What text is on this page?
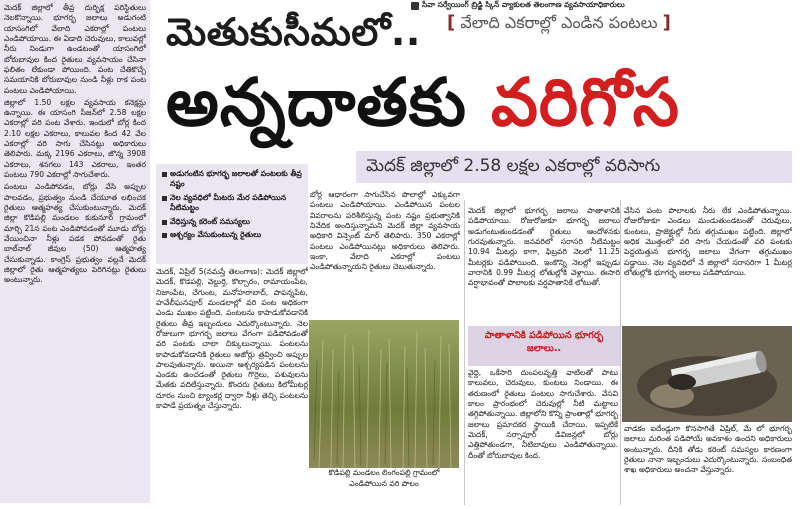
సేవా సర్వేయింగ్ బ్రిడ్జి స్కిన్ వ్యాకులత తెలంగాణ వ్యవసాయాధికారులు

మెదక్ జిల్లాలో తీవ్ర దుర్భిక్ష పరిస్థితులు నెలకొన్నాయి. భూగర్భ జలాలు అడుగంటి యాసంగిలో వేలాది ఎకరాల్లో పంటలు ఎండిపోయాయి. ఈ ఏడాది చెరువులు, కాలువల్లో నీరు నిండుగా ఉండటంతో యాసంగిలో బోరుబావుల కింద రైతులు వ్యవసాయం చేసినా ఫలితం లేకుండా పోయింది. పంట చేతికొచ్చే సమయానికి బోరుబావుల నుండి నీళ్లు రాక పంట పంటలు ఎండిపోయాయి.

జిల్లాలో 1.50 లక్షల వ్యవసాయ కనెక్షన్లు ఉన్నాయి. ఈ యాసంగి సీజన్‌లో 2.58 లక్షల ఎకరాల్లో వరి పంట వేశారు. ఇందులో బోర్ల కింద 2.10 లక్షల ఎకరాలు, కాలువల కింద 42 వేల ఎకరాల్లో వరి సాగు చేసినట్లు అధికారులు తెలిపారు. మక్క 2196 ఎకరాలు, జొన్న 3908 ఎకరాలు, శనగలు 143 ఎకరాలు, ఇంతర పంటలు 790 ఎకరాల్లో సాగుచేశారు.

పంటలు ఎండిపోవడం, బోర్లు వేసి అప్పుల పాలవడం, ప్రభుత్వం నుండి చేయూత లభించక రైతులు ఆత్మహత్య చేసుకుంటున్నారు. మెదక్ జిల్లా కొడిపల్లి మండలం కుకునూర్ గ్రామంలో మార్చి 21న పంట ఎండిపోవడంతో మూడు బోర్లు వేయించినా నీళ్లు పడక పోవడంతో రైతు బాల్‌నాల్ జీవుల (50) ఆత్మహత్య చేసుకున్నాడు. కాంగ్రెస్ ప్రభుత్వం వల్లనే మెదక్ జిల్లాలో రైతు ఆత్మహత్యలు పెరిగినట్లు రైతులు అంటున్నారు.

మెతుకుసీమలో.. [ వేలాది ఎకరాల్లో ఎండిన పంటలు ]
అన్నదాతకు వరిగోస
మెదక్ జిల్లాలో 2.58 లక్షల ఎకరాల్లో వరిసాగు
అడుగంటిన భూగర్భ జలాలతో పంటలకు తీవ్ర నష్టం
నెల వ్యవధిలో మీటరు మేర పడిపోయిన నీటిమట్టం
వేధిస్తున్న కరెంట్ సమస్యలు
ఆశ్చర్యం వేసుకుంటున్న రైతులు

మెదక్, ఏప్రిల్ 5(నమస్తే తెలంగాణ): మెదక్ జిల్లాలో మెదక్, కొడపల్లి, వెల్దుర్తి, కొల్చారం, రామాయంపేట, నిజాంపేట, చేగుంట, మనోహరాబాద్, పాపన్నపేట, హవేలీఘనపూర్ మండలాల్లో వరి పంట అధికంగా ఎండు ముఖం పట్టింది. పంటలను కాపాడుకోవడానికి రైతులు తీవ్ర ఇబ్బందులు ఎదుర్కొంటున్నారు. నెల రోజులుగా భూగర్భ జలాలు వేగంగా పడిపోవడంతో వరి పంటకు చాలా చిక్కులున్నాయి. పంటలను కాపాడుకోవడానికి రైతులు అజోర్లు త్రవ్వించి అప్పుల పాలవుతున్నారు. అయినా ఆశ్చర్యపడిన పంటలను ఎండకు ఉంచడంతో రైతులు గొర్రెలు, పశువులను మేతకు వదిలేస్తున్నారు. కొందరు రైతులు కిలోమీటర్ల దూరం నుంచి ట్యాంకర్ల ద్వారా నీళ్లు తెచ్చి పంటలను కాపాడే ప్రయత్నం చేస్తున్నారు.

బోర్ల ఆధారంగా సాగుచేసిన పొలాల్లో ఎక్కువగా పంటలు ఎండిపోయాయి. ఎండిపోయిన పంటల వివరాలను పరిశీలిస్తున్న పంట నష్టం ప్రభుత్వానికి నివేదిక అందిస్తున్నామని మెదక్ జిల్లా వ్యవసాయ అధికారి విన్సెంట్ మార్ తెలిపారు. 350 ఎకరాల్లో పంటలు ఎండిపోయినట్లు అధికారులు తెలిపారు. ఇంకా, వేలాది ఎకరాల్లో పంటలు ఎండిపోతున్నాయని రైతులు చెబుతున్నారు.

కొడిపల్లి మండలం లింగంపల్లి గ్రామంలో ఎండిపోయిన వరి పొలం

మెదక్ జిల్లాలో భూగర్భ జలాలు పాతాళానికి పడిపోయాయి. రోజురోజుకూ భూగర్భ జలాలు అడుగంటుతుండడంతో రైతులు ఆందోళనకు గురవుతున్నారు. జనవరిలో సరాసరి నీటిమట్టం 10.94 మీటర్లు కాగా, ఫిబ్రవరి నెలలో 11.25 మీటర్లకు పడిపోయింది. ఇంకొన్ని నెలల్లో ఇప్పుడు వారానికి 0.99 మీటర్ల లోతుల్లోకి వెళ్లాయి. ఈసారి వర్షాభావంతో పొలాలకు వర్షపాతానికే లోటుతో.

వేసిన పంట పొలాలకు నీరు లేక ఎండిపోతున్నాయి. రోజురోజుకూ ఎండలు మండుతుండటంతో చెరువులు, కుంటలు, ప్రాజెక్టుల్లో నీరు తగ్గుముఖం పట్టింది. జిల్లాలో అధిక మొత్తంలో వరి సాగు చేయడంతో వరి పంటకు పెద్దయెత్తున భూగర్భ జలాలు వేగంగా తగ్గుముఖం పడ్డాయి. నెల వ్యవధిలో నే జిల్లాలో సరాసరిగా 1 మీటర్ల లోతుల్లోకి భూగర్భ జలాలు పడిపోయాయి.

పాతాళానికి పడిపోయిన భూగర్భ జలాలు..

వైద్ది, ఒకేసారి దుంపలవృత్తి వాటిలతో పాటు కాలువలు, చెరువులు, కుంటలు నిండాయి. ఈ తరుణంలో రైతులు పంటలు సాగుచేశారు. వేసవి కాలం ప్రారంభంలో చెరువుల్లో నీటి మట్టాలు తగ్గిపోతున్నాయి. జిల్లాలోని కొన్ని ప్రాంతాల్లో భూగర్భ జలాలు ప్రమాదకర స్థాయికి చేరాయి. ఇప్పటికే మెదక్, నర్సాపూర్ డివిజన్లలో బోర్లు ఎత్తిపోతుండగా, నీటిబావులు ఎండిపోతున్నాయి. దీంతో బోరుబావుల కింద.

వాడకం ఐదేండ్లుగా కొనసాగితే ఏప్రిల్, మే లో భూగర్భ జలాలు మరింత పడిపోయే అవకాశం ఉందని అధికారులు అంటున్నారు. దీనికి తోడు కరెంట్ సమస్యల కారణంగా రైతులు నానా ఇబ్బందులు ఎదుర్కొంటున్నారు. సంబంధిత శాఖ అధికారులు అంచనా వేస్తున్నారు.
